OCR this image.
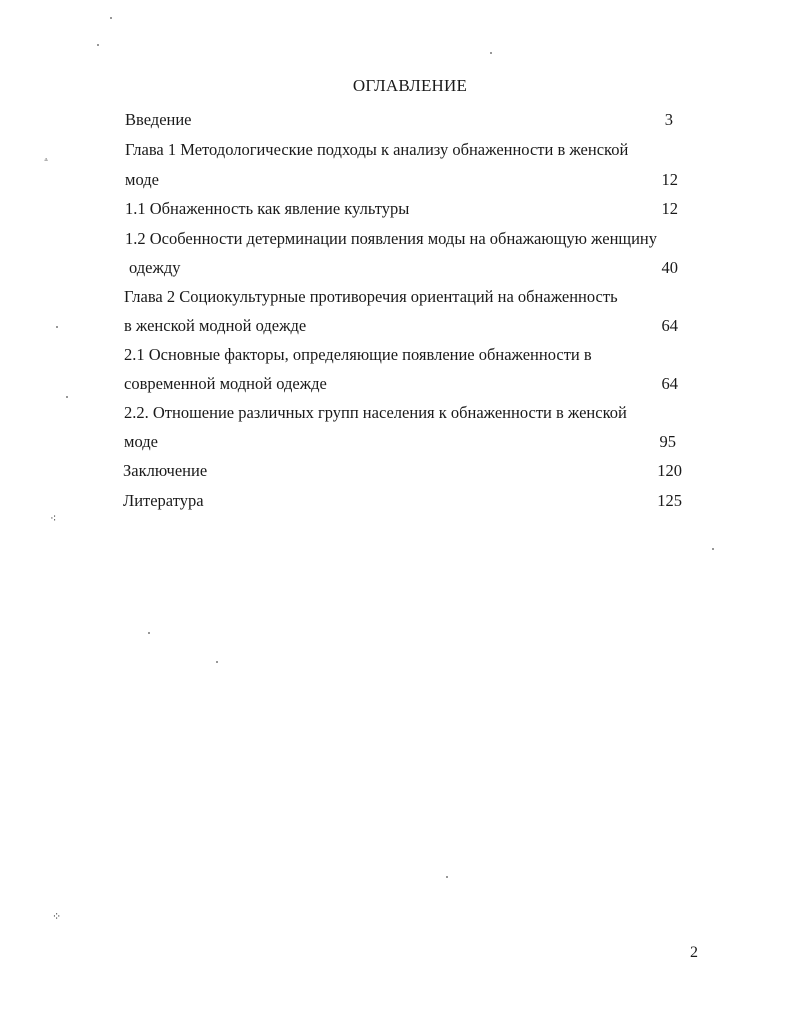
ОГЛАВЛЕНИЕ
Введение	3
Глава 1 Методологические подходы к анализу обнаженности в женской
моде	12
1.1 Обнаженность как явление культуры	12
1.2 Особенности детерминации появления моды на обнажающую женщину
одежду	40
Глава 2 Социокультурные противоречия ориентаций на обнаженность
в женской модной одежде	64
2.1 Основные факторы, определяющие появление обнаженности в
современной модной одежде	64
2.2. Отношение различных групп населения к обнаженности в женской
моде	95
Заключение	120
Литература	125
2
⁖
⁘
